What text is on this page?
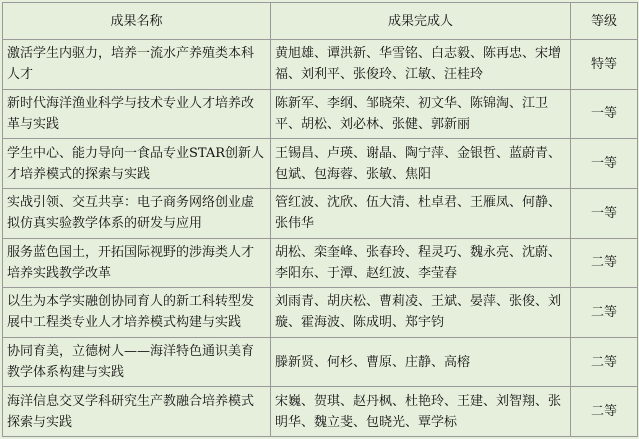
成果名称	成果完成人	等级
激活学生内驱力，培养一流水产养殖类本科人才	黄旭雄、谭洪新、华雪铭、白志毅、陈再忠、宋增福、刘利平、张俊玲、江敏、汪桂玲	特等
新时代海洋渔业科学与技术专业人才培养改革与实践	陈新军、李纲、邹晓荣、初文华、陈锦淘、江卫平、胡松、刘必林、张健、郭新丽	一等
学生中心、能力导向一食品专业STAR创新人才培养模式的探索与实践	王锡昌、卢瑛、谢晶、陶宁萍、金银哲、蓝蔚青、包斌、包海蓉、张敏、焦阳	一等
实战引领、交互共享：电子商务网络创业虚拟仿真实验教学体系的研发与应用	管红波、沈欣、伍大清、杜卓君、王雁凤、何静、张伟华	一等
服务蓝色国土，开拓国际视野的涉海类人才培养实践教学改革	胡松、栾奎峰、张春玲、程灵巧、魏永亮、沈蔚、李阳东、于潭、赵红波、李莹春	二等
以生为本学实融创协同育人的新工科转型发展中工程类专业人才培养模式构建与实践	刘雨青、胡庆松、曹莉凌、王斌、晏萍、张俊、刘璇、霍海波、陈成明、郑宇钧	二等
协同育美，立德树人——海洋特色通识美育教学体系构建与实践	滕新贤、何杉、曹原、庄静、高榕	二等
海洋信息交叉学科研究生产教融合培养模式探索与实践	宋巍、贺琪、赵丹枫、杜艳玲、王建、刘智翔、张明华、魏立斐、包晓光、覃学标	二等
